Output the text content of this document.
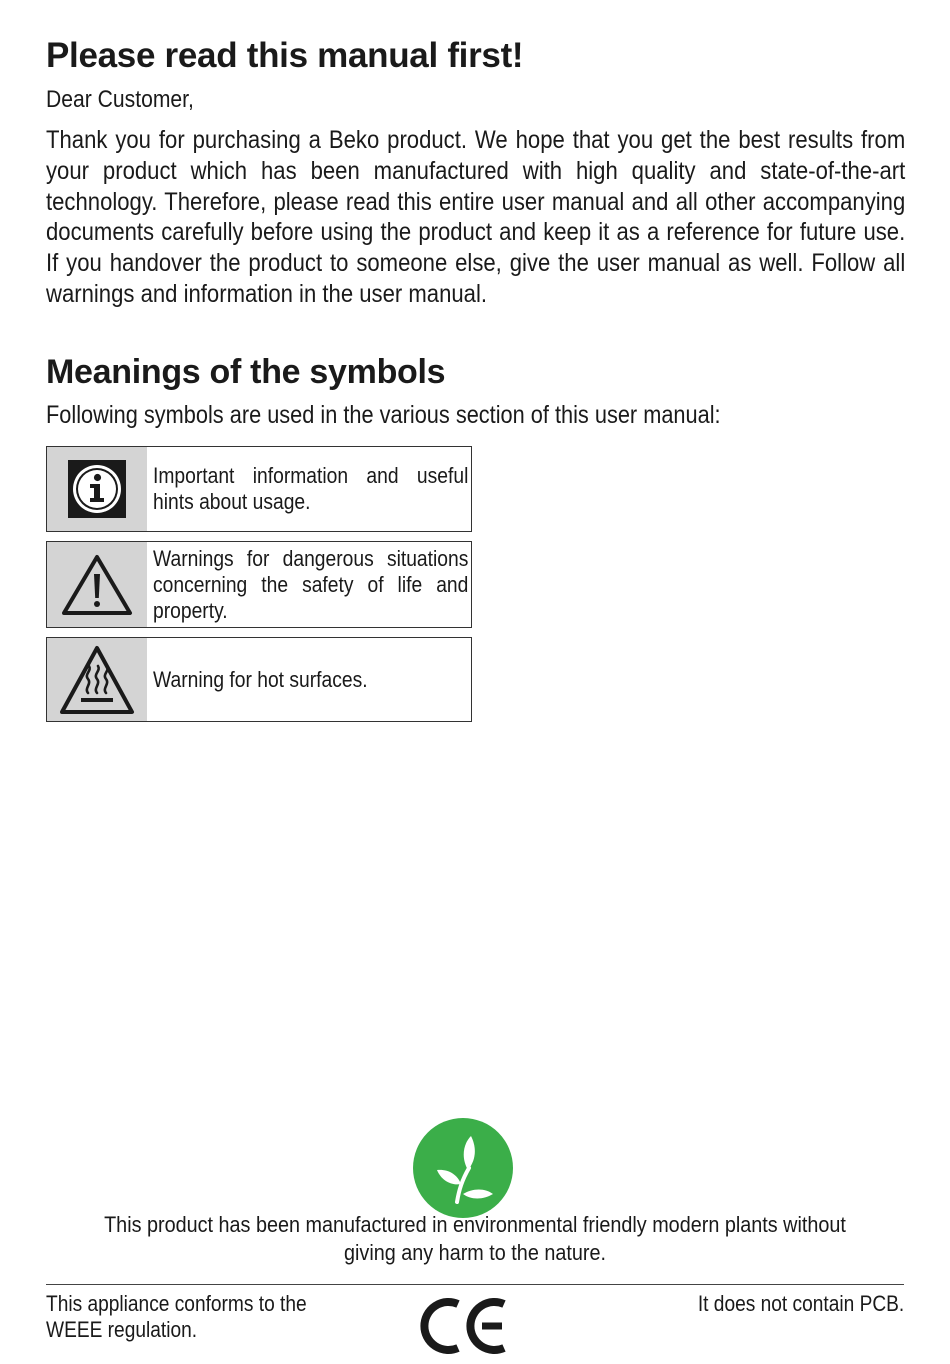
Please read this manual first!
Dear Customer,

Thank you for purchasing a Beko product. We hope that you get the best results from your product which has been manufactured with high quality and state-of-the-art technology. Therefore, please read this entire user manual and all other accompanying documents carefully before using the product and keep it as a reference for future use. If you handover the product to someone else, give the user manual as well. Follow all warnings and information in the user manual.

Meanings of the symbols
Following symbols are used in the various section of this user manual:
Important information and useful hints about usage.
Warnings for dangerous situations concerning the safety of life and property.
Warning for hot surfaces.
This product has been manufactured in environmental friendly modern plants without giving any harm to the nature.
This appliance conforms to the WEEE regulation.
It does not contain PCB.
